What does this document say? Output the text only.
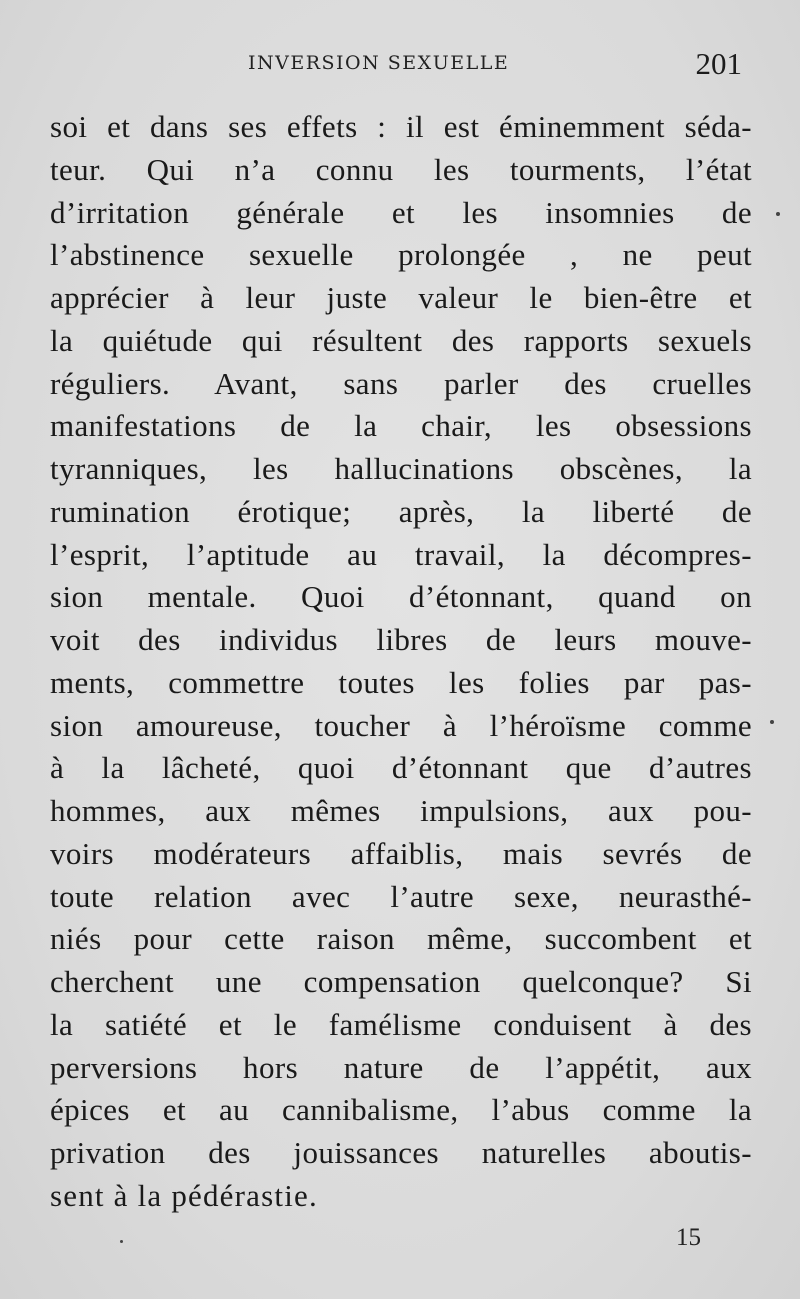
INVERSION SEXUELLE	201
soi et dans ses effets : il est éminemment séda-
teur. Qui n’a connu les tourments, l’état
d’irritation générale et les insomnies de
l’abstinence sexuelle prolongée , ne peut
apprécier à leur juste valeur le bien-être et
la quiétude qui résultent des rapports sexuels
réguliers. Avant, sans parler des cruelles
manifestations de la chair, les obsessions
tyranniques, les hallucinations obscènes, la
rumination érotique; après, la liberté de
l’esprit, l’aptitude au travail, la décompres-
sion mentale. Quoi d’étonnant, quand on
voit des individus libres de leurs mouve-
ments, commettre toutes les folies par pas-
sion amoureuse, toucher à l’héroïsme comme
à la lâcheté, quoi d’étonnant que d’autres
hommes, aux mêmes impulsions, aux pou-
voirs modérateurs affaiblis, mais sevrés de
toute relation avec l’autre sexe, neurasthé-
niés pour cette raison même, succombent et
cherchent une compensation quelconque? Si
la satiété et le famélisme conduisent à des
perversions hors nature de l’appétit, aux
épices et au cannibalisme, l’abus comme la
privation des jouissances naturelles aboutis-
sent à la pédérastie.
15
